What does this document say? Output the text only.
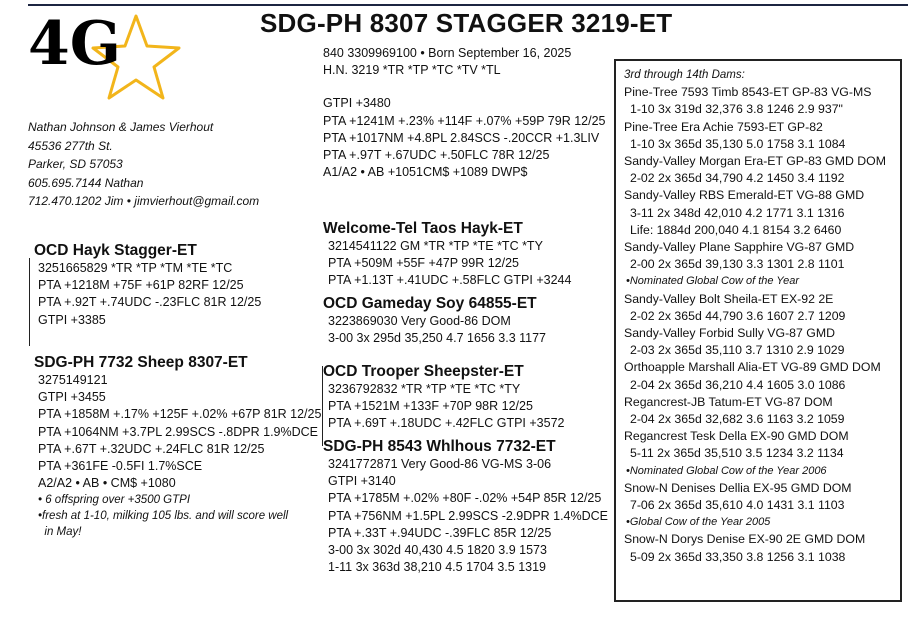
4G	SDG-PH 8307 STAGGER 3219-ET
Nathan Johnson & James Vierhout
45536 277th St.
Parker, SD 57053
605.695.7144 Nathan
712.470.1202 Jim • jimvierhout@gmail.com
840 3309969100 • Born September 16, 2025
H.N. 3219 *TR *TP *TC *TV *TL
GTPI +3480
PTA +1241M +.23% +114F +.07% +59P 79R 12/25
PTA +1017NM +4.8PL 2.84SCS -.20CCR +1.3LIV
PTA +.97T +.67UDC +.50FLC 78R 12/25
A1/A2 • AB +1051CM$ +1089 DWP$
OCD Hayk Stagger-ET
3251665829 *TR *TP *TM *TE *TC
PTA +1218M +75F +61P 82RF 12/25
PTA +.92T +.74UDC -.23FLC 81R 12/25
GTPI +3385
SDG-PH 7732 Sheep 8307-ET
3275149121
GTPI +3455
PTA +1858M +.17% +125F +.02% +67P 81R 12/25
PTA +1064NM +3.7PL 2.99SCS -.8DPR 1.9%DCE
PTA +.67T +.32UDC +.24FLC 81R 12/25
PTA +361FE -0.5FI 1.7%SCE
A2/A2 • AB • CM$ +1080
• 6 offspring over +3500 GTPI
•fresh at 1-10, milking 105 lbs. and will score well
in May!
Welcome-Tel Taos Hayk-ET
3214541122 GM *TR *TP *TE *TC *TY
PTA +509M +55F +47P 99R 12/25
PTA +1.13T +.41UDC +.58FLC GTPI +3244
OCD Gameday Soy 64855-ET
3223869030 Very Good-86 DOM
3-00 3x 295d 35,250 4.7 1656 3.3 1177
OCD Trooper Sheepster-ET
3236792832 *TR *TP *TE *TC *TY
PTA +1521M +133F +70P 98R 12/25
PTA +.69T +.18UDC +.42FLC GTPI +3572
SDG-PH 8543 Whlhous 7732-ET
3241772871 Very Good-86 VG-MS 3-06
GTPI +3140
PTA +1785M +.02% +80F -.02% +54P 85R 12/25
PTA +756NM +1.5PL 2.99SCS -2.9DPR 1.4%DCE
PTA +.33T +.94UDC -.39FLC 85R 12/25
3-00 3x 302d 40,430 4.5 1820 3.9 1573
1-11 3x 363d 38,210 4.5 1704 3.5 1319
3rd through 14th Dams:
Pine-Tree 7593 Timb 8543-ET GP-83 VG-MS
1-10 3x 319d 32,376 3.8 1246 2.9 937"
Pine-Tree Era Achie 7593-ET GP-82
1-10 3x 365d 35,130 5.0 1758 3.1 1084
Sandy-Valley Morgan Era-ET GP-83 GMD DOM
2-02 2x 365d 34,790 4.2 1450 3.4 1192
Sandy-Valley RBS Emerald-ET VG-88 GMD
3-11 2x 348d 42,010 4.2 1771 3.1 1316
Life: 1884d 200,040 4.1 8154 3.2 6460
Sandy-Valley Plane Sapphire VG-87 GMD
2-00 2x 365d 39,130 3.3 1301 2.8 1101
•Nominated Global Cow of the Year
Sandy-Valley Bolt Sheila-ET EX-92 2E
2-02 2x 365d 44,790 3.6 1607 2.7 1209
Sandy-Valley Forbid Sully VG-87 GMD
2-03 2x 365d 35,110 3.7 1310 2.9 1029
Orthoapple Marshall Alia-ET VG-89 GMD DOM
2-04 2x 365d 36,210 4.4 1605 3.0 1086
Regancrest-JB Tatum-ET VG-87 DOM
2-04 2x 365d 32,682 3.6 1163 3.2 1059
Regancrest Tesk Della EX-90 GMD DOM
5-11 2x 365d 35,510 3.5 1234 3.2 1134
•Nominated Global Cow of the Year 2006
Snow-N Denises Dellia EX-95 GMD DOM
7-06 2x 365d 35,610 4.0 1431 3.1 1103
•Global Cow of the Year 2005
Snow-N Dorys Denise EX-90 2E GMD DOM
5-09 2x 365d 33,350 3.8 1256 3.1 1038
